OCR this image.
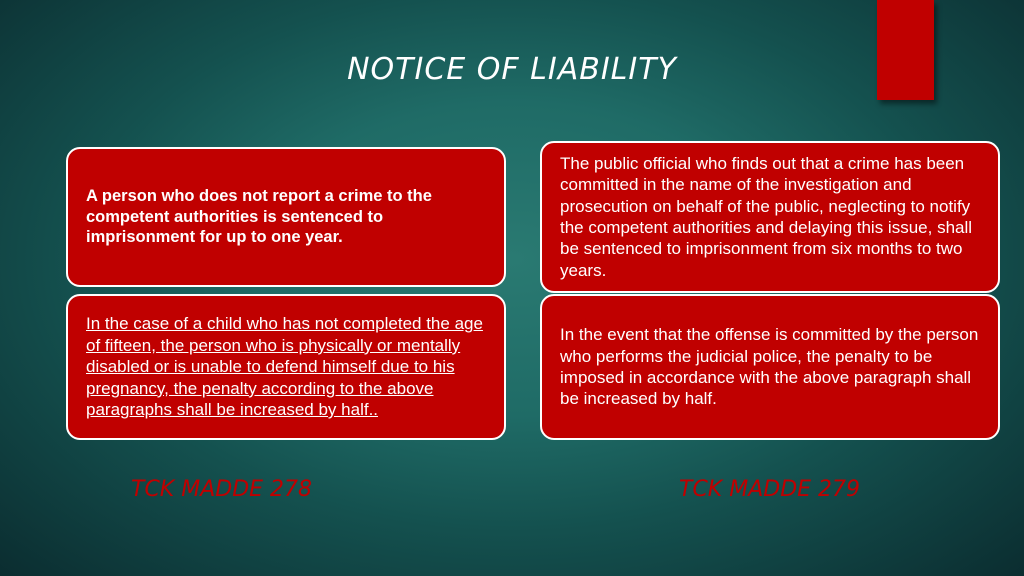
NOTICE OF LIABILITY

A person who does not report a crime to the competent authorities is sentenced to imprisonment for up to one year.

The public official who finds out that a crime has been committed in the name of the investigation and prosecution on behalf of the public, neglecting to notify the competent authorities and delaying this issue, shall be sentenced to imprisonment from six months to two years.

In the case of a child who has not completed the age of fifteen, the person who is physically or mentally disabled or is unable to defend himself due to his pregnancy, the penalty according to the above paragraphs shall be increased by half..

In the event that the offense is committed by the person who performs the judicial police, the penalty to be imposed in accordance with the above paragraph shall be increased by half.

TCK MADDE 278	TCK MADDE 279
